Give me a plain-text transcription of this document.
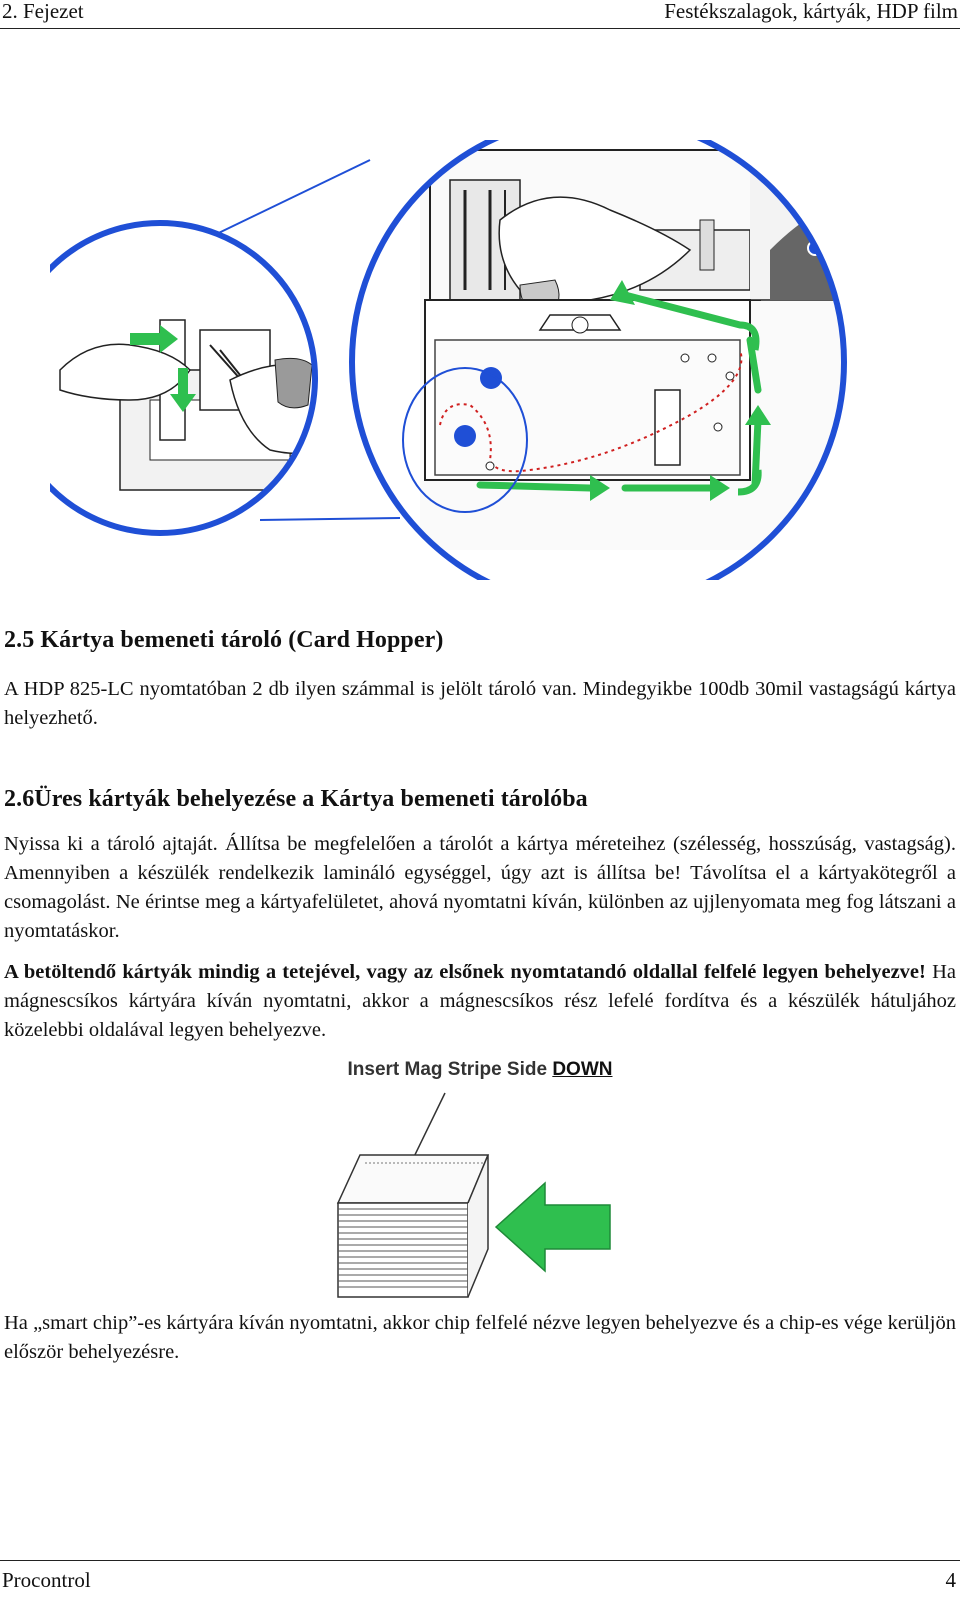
2. Fejezet	Festékszalagok, kártyák, HDP film
2.5 Kártya bemeneti tároló (Card Hopper)

A HDP 825-LC nyomtatóban 2 db ilyen számmal is jelölt tároló van. Mindegyikbe 100db 30mil vastagságú kártya helyezhető.

2.6Üres kártyák behelyezése a Kártya bemeneti tárolóba

Nyissa ki a tároló ajtaját. Állítsa be megfelelően a tárolót a kártya méreteihez (szélesség, hosszúság, vastagság). Amennyiben a készülék rendelkezik lamináló egységgel, úgy azt is állítsa be! Távolítsa el a kártyakötegről a csomagolást. Ne érintse meg a kártyafelületet, ahová nyomtatni kíván, különben az ujjlenyomata meg fog látszani a nyomtatáskor.

A betöltendő kártyák mindig a tetejével, vagy az elsőnek nyomtatandó oldallal felfelé legyen behelyezve! Ha mágnescsíkos kártyára kíván nyomtatni, akkor a mágnescsíkos rész lefelé fordítva és a készülék hátuljához közelebbi oldalával legyen behelyezve.

Insert Mag Stripe Side DOWN

Ha „smart chip”-es kártyára kíván nyomtatni, akkor chip felfelé nézve legyen behelyezve és a chip-es vége kerüljön először behelyezésre.

Procontrol	4
